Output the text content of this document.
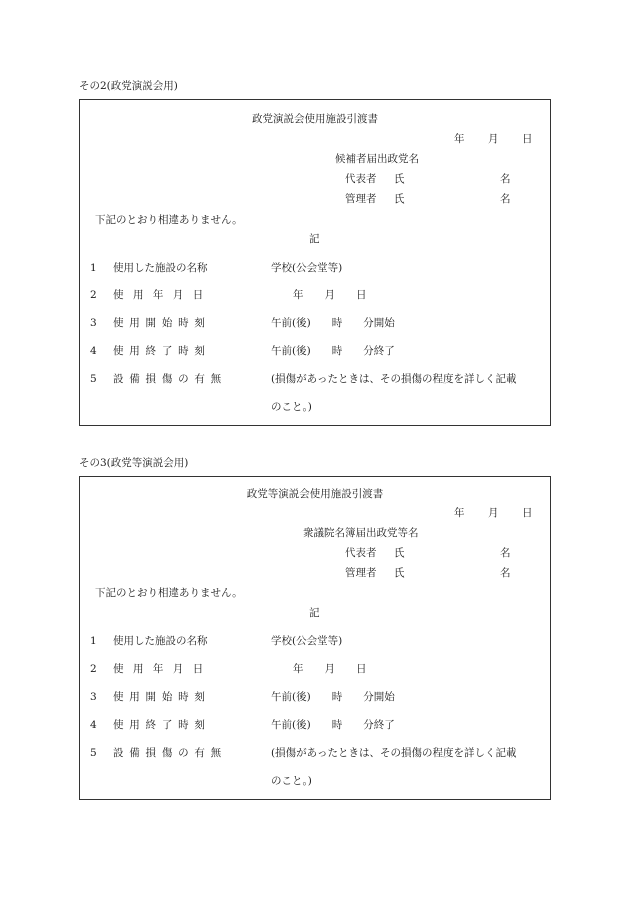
その2(政党演説会用)
政党演説会使用施設引渡書
年 月 日
候補者届出政党名
代表者 氏	名
管理者 氏	名
下記のとおり相違ありません。
記
1 使用した施設の名称	学校(公会堂等)
2 使用年月日	年　　月　　日
3 使用開始時刻	午前(後)　　時　　分開始
4 使用終了時刻	午前(後)　　時　　分終了
5 設備損傷の有無	(損傷があったときは、その損傷の程度を詳しく記載
のこと。)
その3(政党等演説会用)
政党等演説会使用施設引渡書
年 月 日
衆議院名簿届出政党等名
代表者 氏	名
管理者 氏	名
下記のとおり相違ありません。
記
1 使用した施設の名称	学校(公会堂等)
2 使用年月日	年　　月　　日
3 使用開始時刻	午前(後)　　時　　分開始
4 使用終了時刻	午前(後)　　時　　分終了
5 設備損傷の有無	(損傷があったときは、その損傷の程度を詳しく記載
のこと。)
